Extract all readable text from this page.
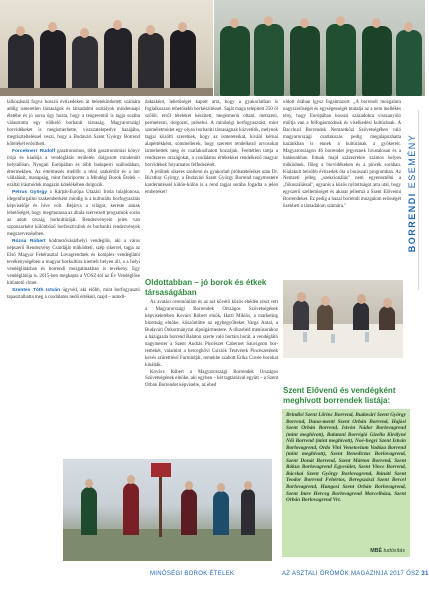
lalkozásnál fogva hosszú évtizedeken át beletekinthetett számára addig ismeretlen társaságok és társadalmi osztályok mindennapi életébe és jó sorsa úgy hozta, hogy a tengerentúl is tagja sorába választotta egy előkelő borbarát társaság. Magyarországi borvidékeket is megismerhette, viszszatelepedve hazájába, megtisztelteléssel veszi, hogy a Budavári Szent György Borrend kötelékét erősítheti.

Forceknerr Rudolf gasztronómus, több gasztronómiai könyv írója és kiadója a vendéglátás területén dolgozott mindenütt helytállóan. Nyugati Európában és több budapesti szállodában, éttermekben. Az értelmezés mellőlt a rémi szakértőit és a bor vállalását, manapság, mint fotóriporter a Mindégi Borok Ételek – ezáltal írásmódok magazin kötelékében dolgozik.

Petrus György a Kárpát-Európa Utazási Iroda tulajdonosa, idegenforgalmi szakemberként mindig is a kulturális borfogyasztás képviselője és híve volt. Bejárva a világot, kereste annak lehetőségét, hogy megmutassa az általa szervezett programok során az adott ország borkultúráját. Rendezvényein jelen van szponzorként különböző borfesztiválok és borbaráti rendezvények megszervezésében.

Rózsa Róbert hódmezővásárhelyi vendéglős, aki a város népszerű Rendezvény Csárdáját működteti, szép sikerrel, tagja az Első Magyar Fehérasztal Lovagrendnek és komplex vendéglátói tevékenységében a magyar borkultúra kiemelt helyen áll, a a helyi vendéglátásban és borrendi mozgalmakban is tevékeny. Egy vendéglátója is. 2015-ben megkapta a VOSZ-tól az Év Vendéglőse kitüntető címet.

Szentes Tóth István ügyvéd, aki előbb, mint borfogyasztó tapasztalhatta meg a csodálatos nedű értékeit, majd – autodi-

daktaként, lehetőséget kapott arra, hogy a gyakorlatban is foglalkozzon tehetősebb borkészítéssel. Saját maga telepített 250 öl szőlőt, erről tételeket készített, megismerni oltani, metszeni, permetezni, dolgozni, préselni. A minőségi borfogyasztást, mint személetmódot egy olyan borbaráti társaságnak közvetítik, melynek tagjai közötti szeretnek, hogy az ismereteikat, kiváló kérnai alapértékként, sommelierek, hogy szeretet rendelkező orvosokat ismerhettek meg és csatlakozhatott hozzájuk. Feeltétlen tartja a rendszeres országokat, a csodálatos értékekkel rendelkező magyar borvidékek folyamatos felfedezését.

A jelöltek sikeres szellemi és gyakorlati próbatételeiket után Dr. Bicsthay György, a Budavári Szent György Borrend nagymestere kardérintéssel külön-külön is a rend tagjai sorába fogadta a jelen embereket!

Oldottabban – jó borok és étkek társaságában

Az avatási ceremóniám és az azt követő közös ebédén részt vett a Magyarországi Borrendek Országos Szövetségének képviseletében Kovács Róbert elnök, Hartl Miklós, a marketing bizottság elnöke, köszöntötte az egybegyűlteket Varga Antal, a Budavári Önkormányzat alpolgármestere. A díszebéd menüsorához a házigazda borrend Balaton szerte való bortárs borát, a vendéglátó nagymester a Szent András Pincészet Cabernet Sauvignon bor- remekét, valamint a herceghövi Csiziók Testvérek Pincészetének kevés szürettlésű Furmintját, remekbe szabott Erika Cuvée borokat kínálták.

Kovács Róbert a Magyarországi Borrendek Országos Szövetségének elnöke, aki egyben – két tagtársával együtt – a Szent Orbán Borrendet képviselte, az ebed

oldott órában ígysz fogalmazott: „A borrendi mozgalom nagyszerűségét és egységességét mutatja az a nem mellékes tény, hogy Európában hosszú századokra visszanyúló múltja van a felfogásmódnak és viselkedési kultúrának. A Bacchusi Borrendek Nemzetközi Szövetségében való magyarországi csatlakozás pedig megalapozhatta hazánkban is ennek a kultúrának a gyökereit. Magyarországon 46 borrendet jegyeznek hivatalosan és a hatásunkban futnak majd százezrekre számos helyen működnek, főleg a borvidékeken és a pincék sorában. Kialakult belsőbb évtizedek óta a borászati programban. Az Nemzeti jelleg „szekcionálás" nem egyeneztélni a „fókuszálással", ugyanis a közös nyitottságot arra utal, hogy egyszerű szellemiséget és akarat jellemzi a Szent Elővenni Borrendeket. Ez pedig a hazai borrendi mozgalom erősségét üzenheti a társadalom számára."	BORRENDI ESEMÉNY
Szent Elővenű és vendégként meghívott borrendek listája:
Brindisi Szent Lőrinc Borrend, Budavári Szent György Borrend, Duna-menti Szent Orbán Borrend, Hajósi Szent Orbán Borrend, Istvón Nádor Borlovagrend (mint meghívott), Balatoni Borrégió Gizella Királyné Női Borrend (mint meghívott), Noé-hegyi Szent István Borlovagrend, Ordo Vini Venetovium Vadóza Borrend (mint meghívott), Szent Benedictus Borlovagrend, Szent Donát Borrend, Szent Márton Borrend, Szent Rókus Borlovagrend Egyesület, Szent Vince Borrend, Bácskai Szent György Borlovagrend, Bánáti Szent Teodor Borrend Fehértos, Beregszászi Szent Bercel Borlovagrend, Hungosi Szent Orbán Borlovagrend, Szent Imre Herceg Borlovagrend Marcelháza, Szent Orbán Borlovagrend Vrt.
MBÉ tudósítás
MINŐSÉGI BOROK ÉTELEK	AZ ASZTALI ÖRÖMÖK MAGAZINJA 2017 ŐSZ 31
